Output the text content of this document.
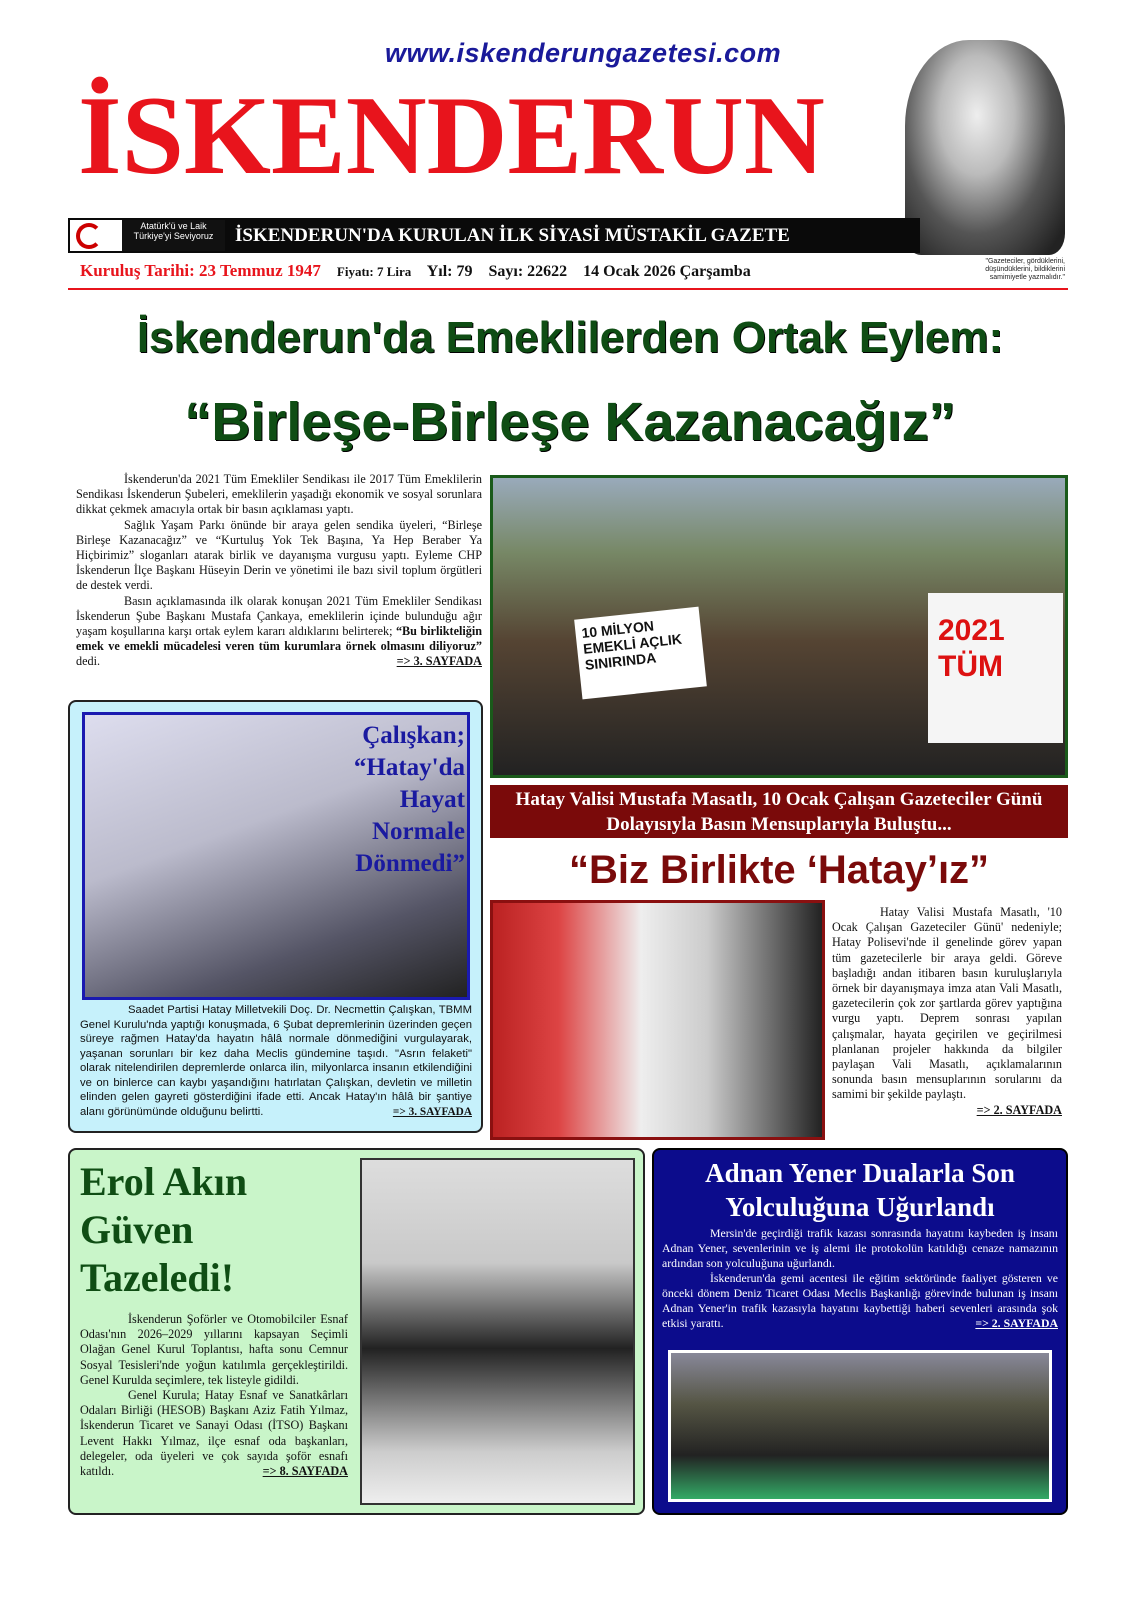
www.iskenderungazetesi.com
İSKENDERUN
"Gazeteciler, gördüklerini, düşündüklerini, bildiklerini samimiyetle yazmalıdır."
Atatürk'ü ve Laik Türkiye'yi Seviyoruz	İSKENDERUN'DA KURULAN İLK SİYASİ MÜSTAKİL GAZETE
Kuruluş Tarihi: 23 Temmuz 1947 Fiyatı: 7 Lira Yıl: 79 Sayı: 22622 14 Ocak 2026 Çarşamba
İskenderun'da Emeklilerden Ortak Eylem:
“Birleşe-Birleşe Kazanacağız”

İskenderun'da 2021 Tüm Emekliler Sendikası ile 2017 Tüm Emeklilerin Sendikası İskenderun Şubeleri, emeklilerin yaşadığı ekonomik ve sosyal sorunlara dikkat çekmek amacıyla ortak bir basın açıklaması yaptı.

Sağlık Yaşam Parkı önünde bir araya gelen sendika üyeleri, “Birleşe Birleşe Kazanacağız” ve “Kurtuluş Yok Tek Başına, Ya Hep Beraber Ya Hiçbirimiz” sloganları atarak birlik ve dayanışma vurgusu yaptı. Eyleme CHP İskenderun İlçe Başkanı Hüseyin Derin ve yönetimi ile bazı sivil toplum örgütleri de destek verdi.

Basın açıklamasında ilk olarak konuşan 2021 Tüm Emekliler Sendikası İskenderun Şube Başkanı Mustafa Çankaya, emeklilerin içinde bulunduğu ağır yaşam koşullarına karşı ortak eylem kararı aldıklarını belirterek; “Bu birlikteliğin emek ve emekli mücadelesi veren tüm kurumlara örnek olmasını diliyoruz” dedi.	=> 3. SAYFADA

10 MİLYON EMEKLİ AÇLIK SINIRINDA
2021 TÜM
Çalışkan; “Hatay'da Hayat Normale Dönmedi”
Saadet Partisi Hatay Milletvekili Doç. Dr. Necmettin Çalışkan, TBMM Genel Kurulu'nda yaptığı konuşmada, 6 Şubat depremlerinin üzerinden geçen süreye rağmen Hatay'da hayatın hâlâ normale dönmediğini vurgulayarak, yaşanan sorunları bir kez daha Meclis gündemine taşıdı. "Asrın felaketi" olarak nitelendirilen depremlerde onlarca ilin, milyonlarca insanın etkilendiğini ve on binlerce can kaybı yaşandığını hatırlatan Çalışkan, devletin ve milletin elinden gelen gayreti gösterdiğini ifade etti. Ancak Hatay'ın hâlâ bir şantiye alanı görünümünde olduğunu belirtti.	=> 3. SAYFADA
Hatay Valisi Mustafa Masatlı, 10 Ocak Çalışan Gazeteciler Günü Dolayısıyla Basın Mensuplarıyla Buluştu...
“Biz Birlikte ‘Hatay’ız”

Hatay Valisi Mustafa Masatlı, '10 Ocak Çalışan Gazeteciler Günü' nedeniyle; Hatay Polisevi'nde il genelinde görev yapan tüm gazetecilerle bir araya geldi. Göreve başladığı andan itibaren basın kuruluşlarıyla örnek bir dayanışmaya imza atan Vali Masatlı, gazetecilerin çok zor şartlarda görev yaptığına vurgu yaptı. Deprem sonrası yapılan çalışmalar, hayata geçirilen ve geçirilmesi planlanan projeler hakkında da bilgiler paylaşan Vali Masatlı, açıklamalarının sonunda basın mensuplarının sorularını da samimi bir şekilde paylaştı.

=> 2. SAYFADA
Erol Akın Güven Tazeledi!

İskenderun Şoförler ve Otomobilciler Esnaf Odası'nın 2026–2029 yıllarını kapsayan Seçimli Olağan Genel Kurul Toplantısı, hafta sonu Cemnur Sosyal Tesisleri'nde yoğun katılımla gerçekleştirildi. Genel Kurulda seçimlere, tek listeyle gidildi.

Genel Kurula; Hatay Esnaf ve Sanatkârları Odaları Birliği (HESOB) Başkanı Aziz Fatih Yılmaz, İskenderun Ticaret ve Sanayi Odası (İTSO) Başkanı Levent Hakkı Yılmaz, ilçe esnaf oda başkanları, delegeler, oda üyeleri ve çok sayıda şoför esnafı katıldı.	=> 8. SAYFADA

Adnan Yener Dualarla Son Yolculuğuna Uğurlandı

Mersin'de geçirdiği trafik kazası sonrasında hayatını kaybeden iş insanı Adnan Yener, sevenlerinin ve iş alemi ile protokolün katıldığı cenaze namazının ardından son yolculuğuna uğurlandı.

İskenderun'da gemi acentesi ile eğitim sektöründe faaliyet gösteren ve önceki dönem Deniz Ticaret Odası Meclis Başkanlığı görevinde bulunan iş insanı Adnan Yener'in trafik kazasıyla hayatını kaybettiği haberi sevenleri arasında şok etkisi yarattı.	=> 2. SAYFADA
